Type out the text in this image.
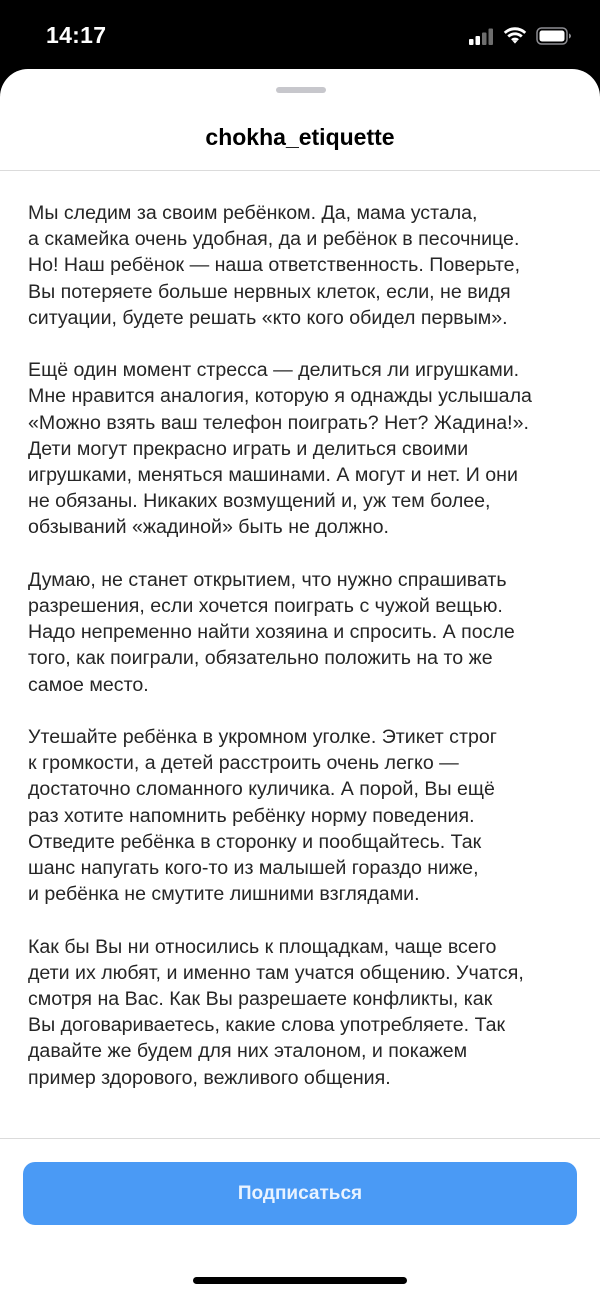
14:17
chokha_etiquette
Мы следим за своим ребёнком. Да, мама устала,
а скамейка очень удобная, да и ребёнок в песочнице.
Но! Наш ребёнок — наша ответственность. Поверьте,
Вы потеряете больше нервных клеток, если, не видя
ситуации, будете решать «кто кого обидел первым».
Ещё один момент стресса — делиться ли игрушками.
Мне нравится аналогия, которую я однажды услышала
«Можно взять ваш телефон поиграть? Нет? Жадина!».
Дети могут прекрасно играть и делиться своими
игрушками, меняться машинами. А могут и нет. И они
не обязаны. Никаких возмущений и, уж тем более,
обзываний «жадиной» быть не должно.
Думаю, не станет открытием, что нужно спрашивать
разрешения, если хочется поиграть с чужой вещью.
Надо непременно найти хозяина и спросить. А после
того, как поиграли, обязательно положить на то же
самое место.
Утешайте ребёнка в укромном уголке. Этикет строг
к громкости, а детей расстроить очень легко —
достаточно сломанного куличика. А порой, Вы ещё
раз хотите напомнить ребёнку норму поведения.
Отведите ребёнка в сторонку и пообщайтесь. Так
шанс напугать кого-то из малышей гораздо ниже,
и ребёнка не смутите лишними взглядами.
Как бы Вы ни относились к площадкам, чаще всего
дети их любят, и именно там учатся общению. Учатся,
смотря на Вас. Как Вы разрешаете конфликты, как
Вы договариваетесь, какие слова употребляете. Так
давайте же будем для них эталоном, и покажем
пример здорового, вежливого общения.
Подписаться
